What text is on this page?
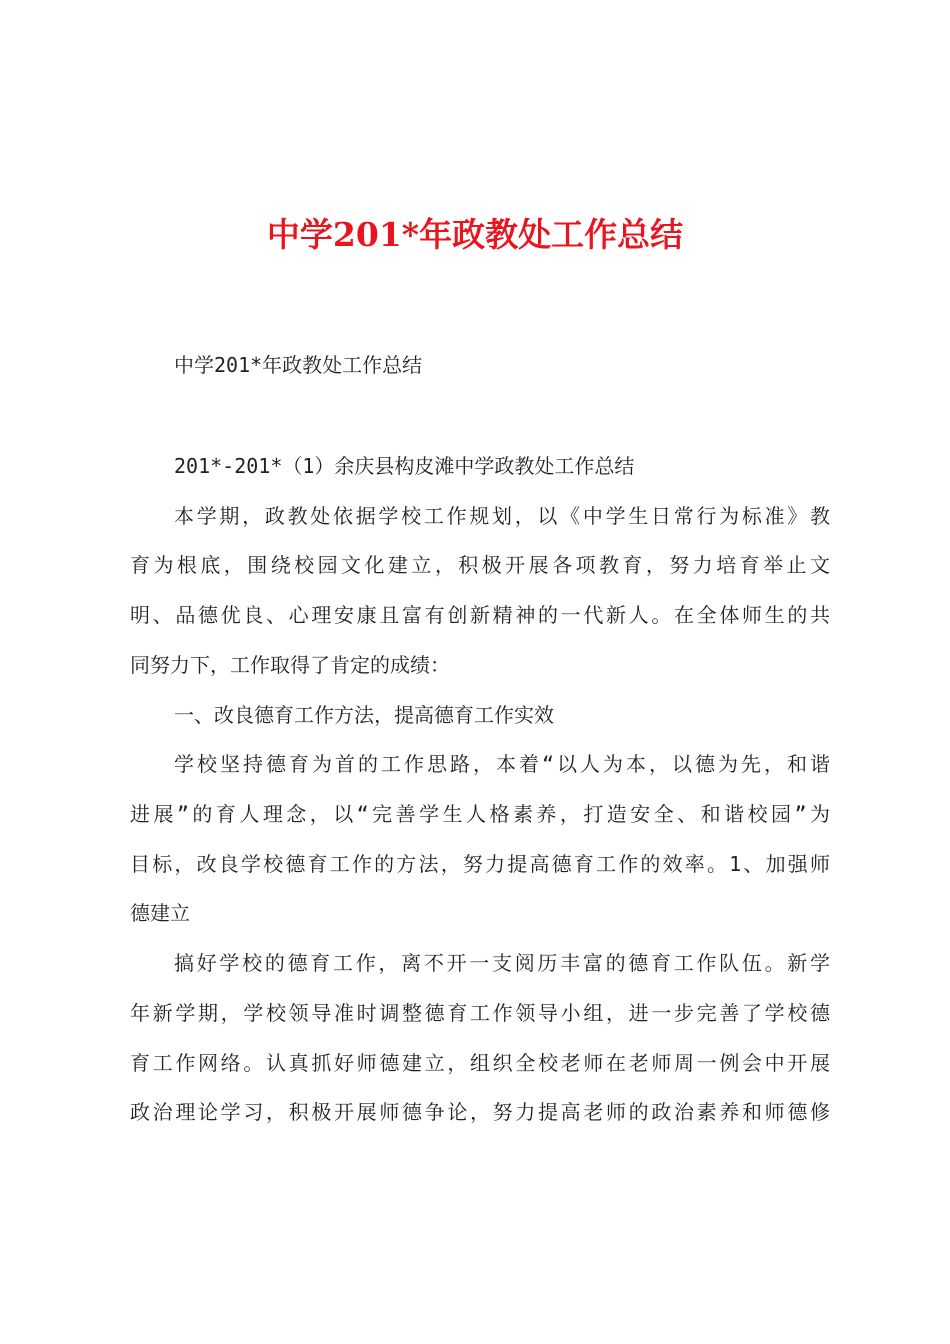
中学201*年政教处工作总结
中学201*年政教处工作总结
201*-201*（1）余庆县构皮滩中学政教处工作总结
本学期，政教处依据学校工作规划，以《中学生日常行为标准》教
育为根底，围绕校园文化建立，积极开展各项教育，努力培育举止文
明、品德优良、心理安康且富有创新精神的一代新人。在全体师生的共
同努力下，工作取得了肯定的成绩：
一、改良德育工作方法，提高德育工作实效
学校坚持德育为首的工作思路，本着“以人为本，以德为先，和谐
进展”的育人理念，以“完善学生人格素养，打造安全、和谐校园”为
目标，改良学校德育工作的方法，努力提高德育工作的效率。1、加强师
德建立
搞好学校的德育工作，离不开一支阅历丰富的德育工作队伍。新学
年新学期，学校领导准时调整德育工作领导小组，进一步完善了学校德
育工作网络。认真抓好师德建立，组织全校老师在老师周一例会中开展
政治理论学习，积极开展师德争论，努力提高老师的政治素养和师德修
